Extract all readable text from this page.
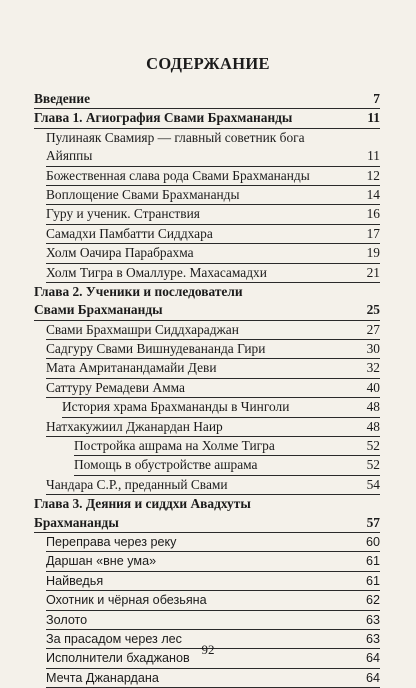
СОДЕРЖАНИЕ
Введение	7
Глава 1. Агиография Свами Брахмананды	11
Пулинаяк Свамияр — главный советник бога
Айяппы	11
Божественная слава рода Свами Брахмананды	12
Воплощение Свами Брахмананды	14
Гуру и ученик. Странствия	16
Самадхи Памбатти Сиддхара	17
Холм Оачира Парабрахма	19
Холм Тигра в Омаллуре. Махасамадхи	21
Глава 2. Ученики и последователи
Свами Брахмананды	25
Свами Брахмашри Сиддхараджан	27
Садгуру Свами Вишнудевананда Гири	30
Мата Амританандамайи Деви	32
Саттуру Ремадеви Амма	40
История храма Брахмананды в Чинголи	48
Натхакужиил Джанардан Наир	48
Постройка ашрама на Холме Тигра	52
Помощь в обустройстве ашрама	52
Чандара С.Р., преданный Свами	54
Глава 3. Деяния и сиддхи Авадхуты
Брахмананды	57
Переправа через реку	60
Даршан «вне ума»	61
Найведья	61
Охотник и чёрная обезьяна	62
Золото	63
За прасадом через лес	63
Исполнители бхаджанов	64
Мечта Джанардана	64
92
